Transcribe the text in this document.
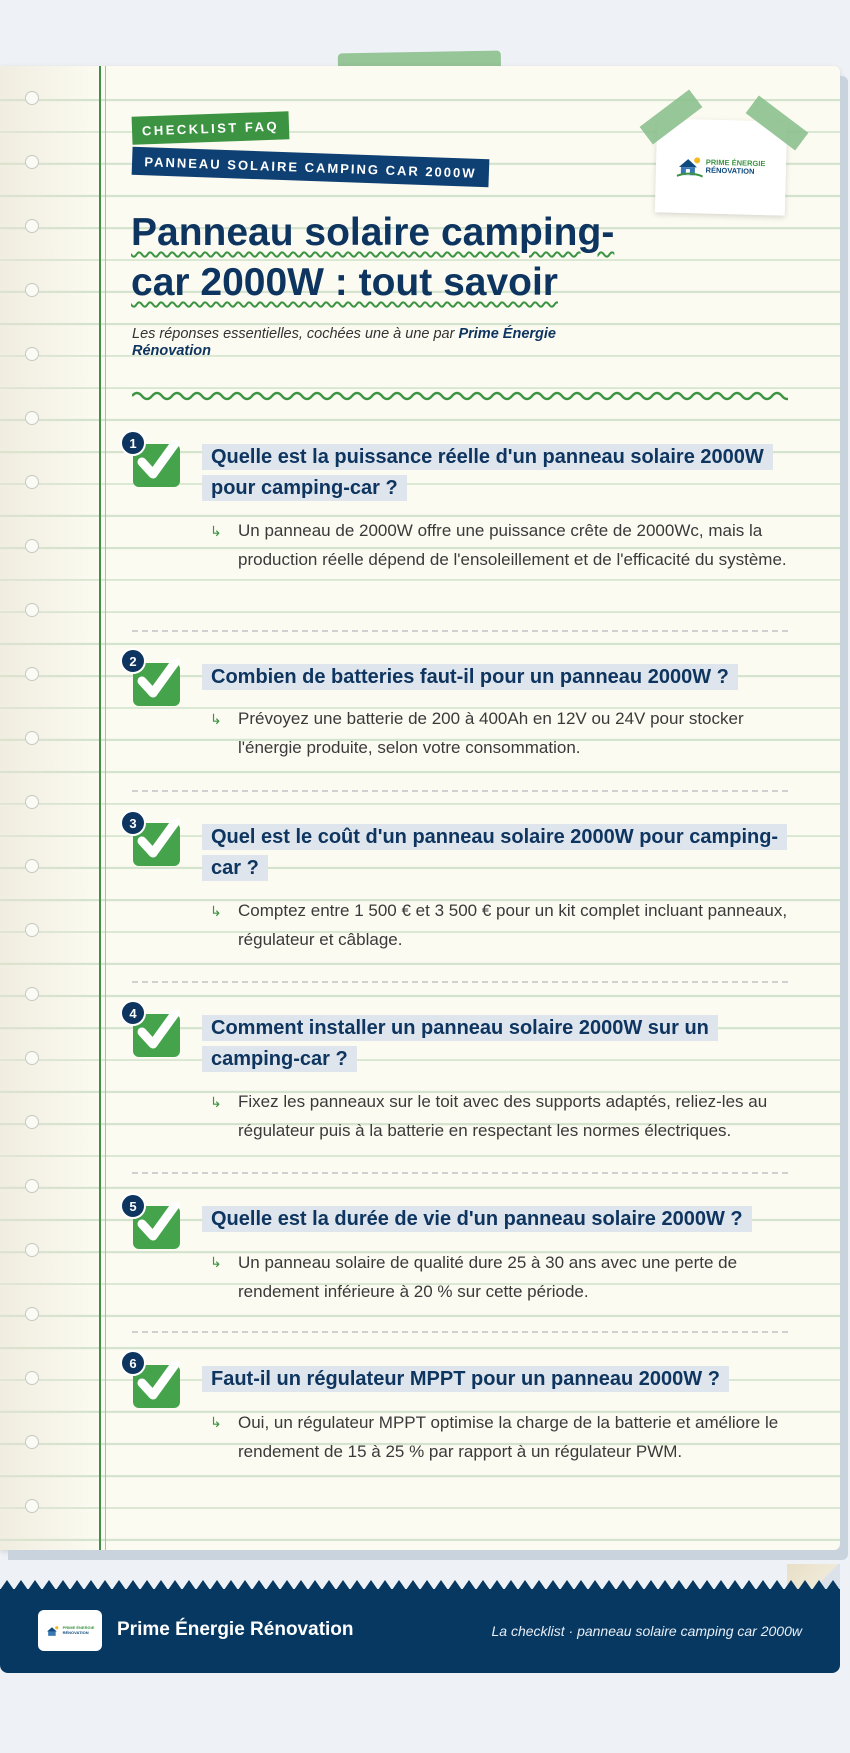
CHECKLIST FAQ
PANNEAU SOLAIRE CAMPING CAR 2000W	PRIME ÉNERGIE
RÉNOVATION
Panneau solaire camping-
car 2000W : tout savoir
Les réponses essentielles, cochées une à une par Prime Énergie Rénovation
1
Quelle est la puissance réelle d'un panneau solaire 2000W pour camping-car ?
↳ Un panneau de 2000W offre une puissance crête de 2000Wc, mais la production réelle dépend de l'ensoleillement et de l'efficacité du système.

2
Combien de batteries faut-il pour un panneau 2000W ?
↳ Prévoyez une batterie de 200 à 400Ah en 12V ou 24V pour stocker l'énergie produite, selon votre consommation.

3
Quel est le coût d'un panneau solaire 2000W pour camping-car ?
↳ Comptez entre 1 500 € et 3 500 € pour un kit complet incluant panneaux, régulateur et câblage.

4
Comment installer un panneau solaire 2000W sur un camping-car ?
↳ Fixez les panneaux sur le toit avec des supports adaptés, reliez-les au régulateur puis à la batterie en respectant les normes électriques.

5
Quelle est la durée de vie d'un panneau solaire 2000W ?
↳ Un panneau solaire de qualité dure 25 à 30 ans avec une perte de rendement inférieure à 20 % sur cette période.

6
Faut-il un régulateur MPPT pour un panneau 2000W ?
↳ Oui, un régulateur MPPT optimise la charge de la batterie et améliore le rendement de 15 à 25 % par rapport à un régulateur PWM.

PRIME ÉNERGIE
RÉNOVATION	Prime Énergie Rénovation	La checklist · panneau solaire camping car 2000w
